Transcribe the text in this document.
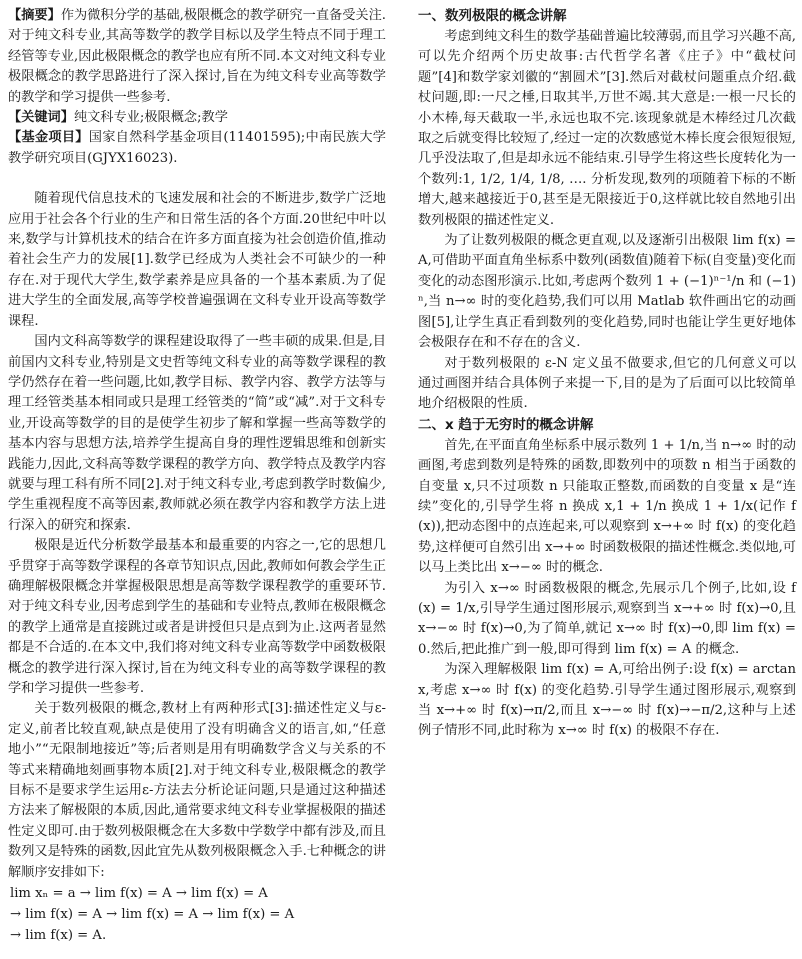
【摘要】作为微积分学的基础,极限概念的教学研究一直备受关注.对于纯文科专业,其高等数学的教学目标以及学生特点不同于理工经管等专业,因此极限概念的教学也应有所不同.本文对纯文科专业极限概念的教学思路进行了深入探讨,旨在为纯文科专业高等数学的教学和学习提供一些参考.

【关键词】纯文科专业;极限概念;教学

【基金项目】国家自然科学基金项目(11401595);中南民族大学教学研究项目(GJYX16023).

随着现代信息技术的飞速发展和社会的不断进步,数学广泛地应用于社会各个行业的生产和日常生活的各个方面.20世纪中叶以来,数学与计算机技术的结合在许多方面直接为社会创造价值,推动着社会生产力的发展[1].数学已经成为人类社会不可缺少的一种存在.对于现代大学生,数学素养是应具备的一个基本素质.为了促进大学生的全面发展,高等学校普遍强调在文科专业开设高等数学课程.

国内文科高等数学的课程建设取得了一些丰硕的成果.但是,目前国内文科专业,特别是文史哲等纯文科专业的高等数学课程的教学仍然存在着一些问题,比如,教学目标、教学内容、教学方法等与理工经管类基本相同或只是理工经管类的“简”或“减”.对于文科专业,开设高等数学的目的是使学生初步了解和掌握一些高等数学的基本内容与思想方法,培养学生提高自身的理性逻辑思维和创新实践能力,因此,文科高等数学课程的教学方向、教学特点及教学内容就要与理工科有所不同[2].对于纯文科专业,考虑到教学时数偏少,学生重视程度不高等因素,教师就必须在教学内容和教学方法上进行深入的研究和探索.

极限是近代分析数学最基本和最重要的内容之一,它的思想几乎贯穿于高等数学课程的各章节知识点,因此,教师如何教会学生正确理解极限概念并掌握极限思想是高等数学课程教学的重要环节.对于纯文科专业,因考虑到学生的基础和专业特点,教师在极限概念的教学上通常是直接跳过或者是讲授但只是点到为止.这两者显然都是不合适的.在本文中,我们将对纯文科专业高等数学中函数极限概念的教学进行深入探讨,旨在为纯文科专业的高等数学课程的教学和学习提供一些参考.

关于数列极限的概念,教材上有两种形式[3]:描述性定义与ε-定义,前者比较直观,缺点是使用了没有明确含义的语言,如,“任意地小”“无限制地接近”等;后者则是用有明确数学含义与关系的不等式来精确地刻画事物本质[2].对于纯文科专业,极限概念的教学目标不是要求学生运用ε-方法去分析论证问题,只是通过这种描述方法来了解极限的本质,因此,通常要求纯文科专业掌握极限的描述性定义即可.由于数列极限概念在大多数中学数学中都有涉及,而且数列又是特殊的函数,因此宜先从数列极限概念入手.七种概念的讲解顺序安排如下:

lim xₙ = a → lim f(x) = A → lim f(x) = A

→ lim f(x) = A → lim f(x) = A → lim f(x) = A

→ lim f(x) = A.

一、数列极限的概念讲解

考虑到纯文科生的数学基础普遍比较薄弱,而且学习兴趣不高,可以先介绍两个历史故事:古代哲学名著《庄子》中“截杖问题”[4]和数学家刘徽的“割圆术”[3].然后对截杖问题重点介绍.截杖问题,即:一尺之棰,日取其半,万世不竭.其大意是:一根一尺长的小木棒,每天截取一半,永远也取不完.该现象就是木棒经过几次截取之后就变得比较短了,经过一定的次数感觉木棒长度会很短很短,几乎没法取了,但是却永远不能结束.引导学生将这些长度转化为一个数列:1, 1/2, 1/4, 1/8, …. 分析发现,数列的项随着下标的不断增大,越来越接近于0,甚至是无限接近于0,这样就比较自然地引出数列极限的描述性定义.

为了让数列极限的概念更直观,以及逐渐引出极限 lim f(x) = A,可借助平面直角坐标系中数列(函数值)随着下标(自变量)变化而变化的动态图形演示.比如,考虑两个数列 1 + (−1)ⁿ⁻¹/n 和 (−1)ⁿ,当 n→∞ 时的变化趋势,我们可以用 Matlab 软件画出它的动画图[5],让学生真正看到数列的变化趋势,同时也能让学生更好地体会极限存在和不存在的含义.

对于数列极限的 ε-N 定义虽不做要求,但它的几何意义可以通过画图并结合具体例子来提一下,目的是为了后面可以比较简单地介绍极限的性质.

二、x 趋于无穷时的概念讲解

首先,在平面直角坐标系中展示数列 1 + 1/n,当 n→∞ 时的动画图,考虑到数列是特殊的函数,即数列中的项数 n 相当于函数的自变量 x,只不过项数 n 只能取正整数,而函数的自变量 x 是“连续”变化的,引导学生将 n 换成 x,1 + 1/n 换成 1 + 1/x(记作 f(x)),把动态图中的点连起来,可以观察到 x→+∞ 时 f(x) 的变化趋势,这样便可自然引出 x→+∞ 时函数极限的描述性概念.类似地,可以马上类比出 x→−∞ 时的概念.

为引入 x→∞ 时函数极限的概念,先展示几个例子,比如,设 f(x) = 1/x,引导学生通过图形展示,观察到当 x→+∞ 时 f(x)→0,且 x→−∞ 时 f(x)→0,为了简单,就记 x→∞ 时 f(x)→0,即 lim f(x) = 0.然后,把此推广到一般,即可得到 lim f(x) = A 的概念.

为深入理解极限 lim f(x) = A,可给出例子:设 f(x) = arctanx,考虑 x→∞ 时 f(x) 的变化趋势.引导学生通过图形展示,观察到当 x→+∞ 时 f(x)→π/2,而且 x→−∞ 时 f(x)→−π/2,这种与上述例子情形不同,此时称为 x→∞ 时 f(x) 的极限不存在.
